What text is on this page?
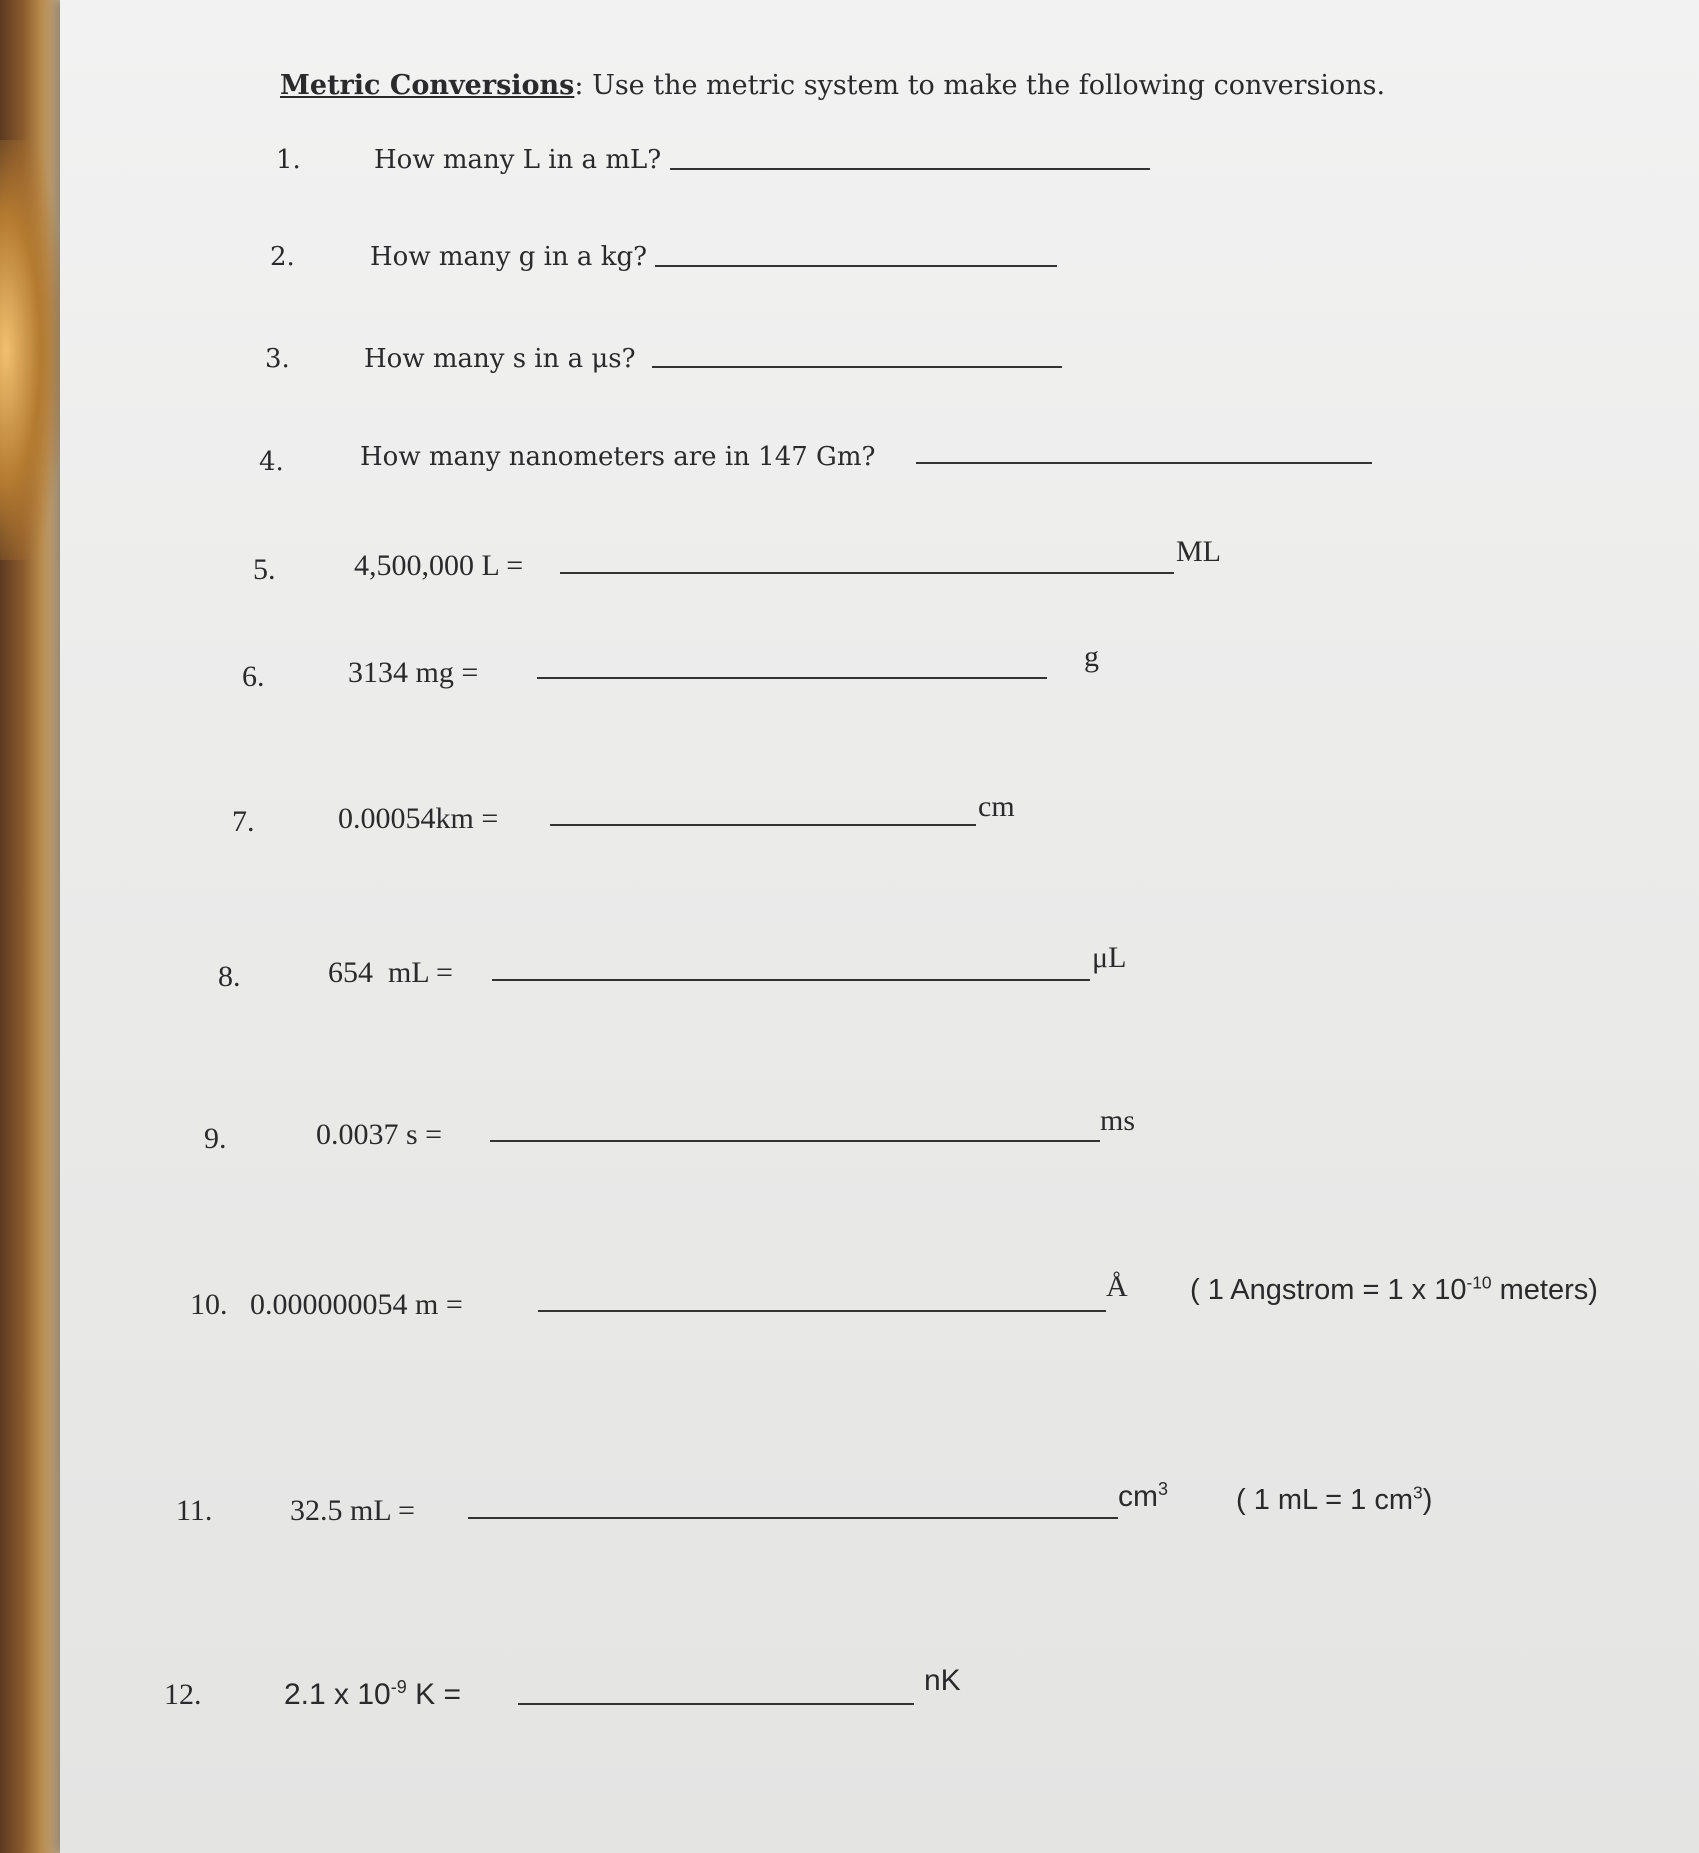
Metric Conversions: Use the metric system to make the following conversions.
1.	How many L in a mL?
2.	How many g in a kg?
3.	How many s in a μs?
4.	How many nanometers are in 147 Gm?
5.	4,500,000 L =	ML
6.	3134 mg =	g
7.	0.00054km =	cm
8.	654  mL =	μL
9.	0.0037 s =	ms
10. 0.000000054 m =
Å ( 1 Angstrom = 1 x $10^{-10}$ meters)
11.	32.5 mL =	$cm^3$ ( 1 mL = 1 $cm^3$)
12.	2.1 x $10^{-9}$ K =	nK
